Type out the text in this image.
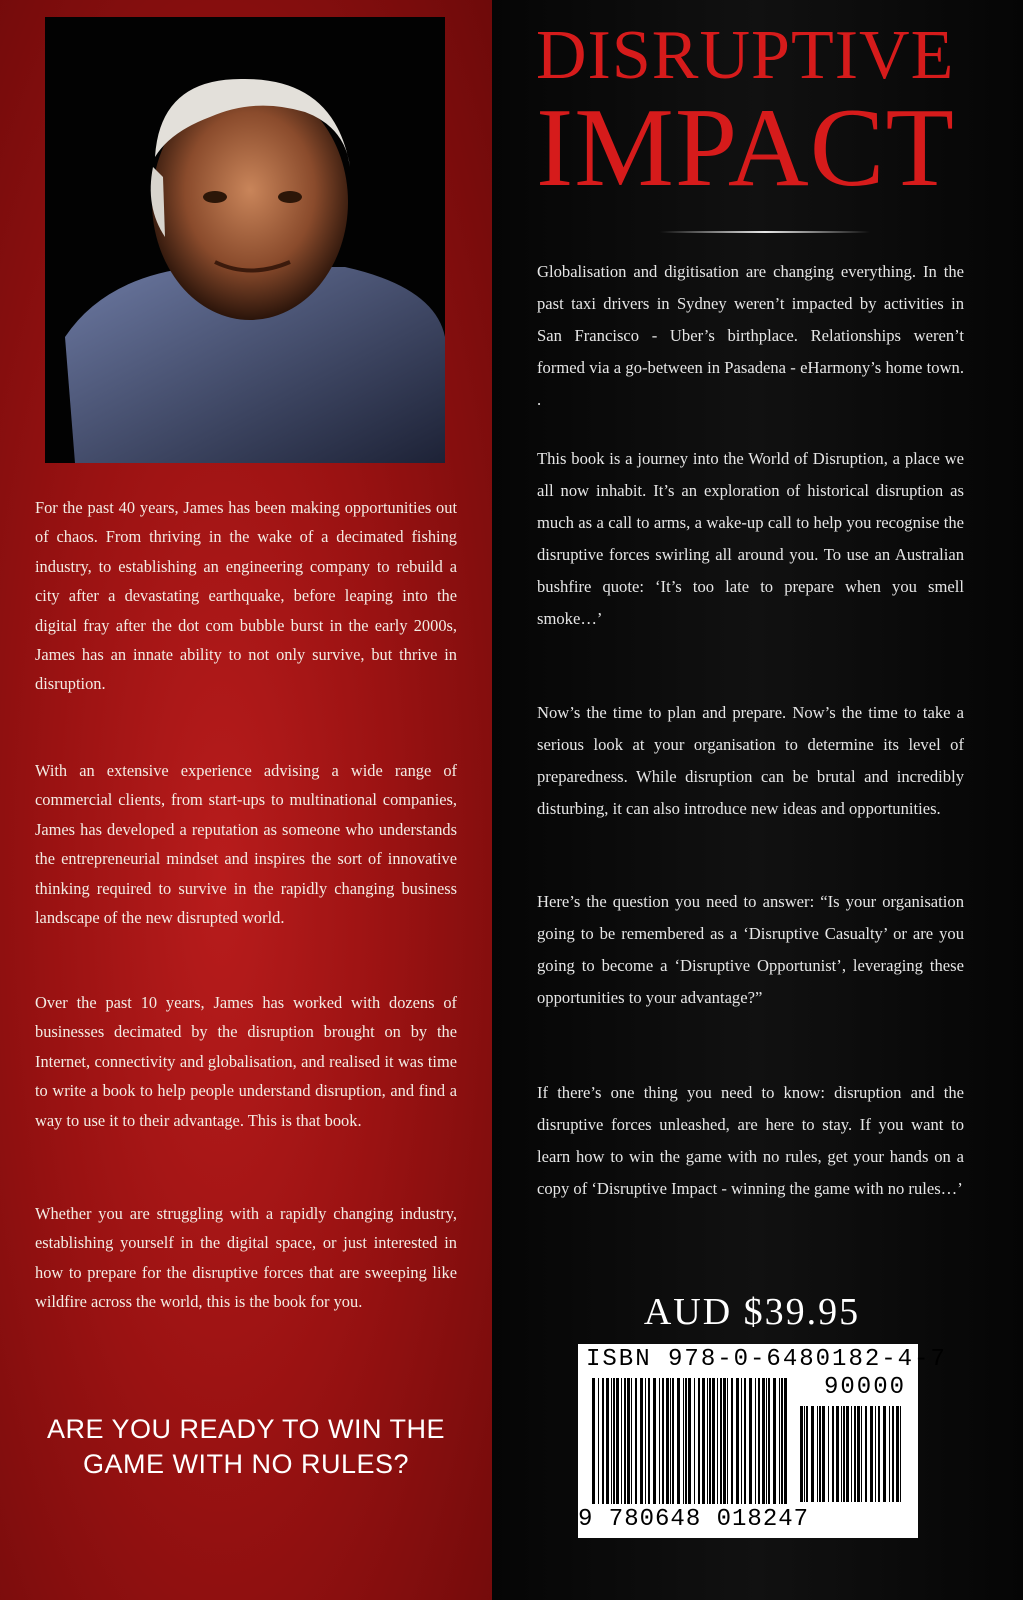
For the past 40 years, James has been making opportunities out of chaos. From thriving in the wake of a decimated fishing industry, to establishing an engineering company to rebuild a city after a devastating earthquake, before leaping into the digital fray after the dot com bubble burst in the early 2000s, James has an innate ability to not only survive, but thrive in disruption.

With an extensive experience advising a wide range of commercial clients, from start-ups to multinational companies, James has developed a reputation as someone who understands the entrepreneurial mindset and inspires the sort of innovative thinking required to survive in the rapidly changing business landscape of the new disrupted world.

Over the past 10 years, James has worked with dozens of businesses decimated by the disruption brought on by the Internet, connectivity and globalisation, and realised it was time to write a book to help people understand disruption, and find a way to use it to their advantage. This is that book.

Whether you are struggling with a rapidly changing industry, establishing yourself in the digital space, or just interested in how to prepare for the disruptive forces that are sweeping like wildfire across the world, this is the book for you.

ARE YOU READY TO WIN THE
GAME WITH NO RULES?
DISRUPTIVE
IMPACT

Globalisation and digitisation are changing everything. In the past taxi drivers in Sydney weren’t impacted by activities in San Francisco - Uber’s birthplace. Relationships weren’t formed via a go-between in Pasadena - eHarmony’s home town. .

This book is a journey into the World of Disruption, a place we all now inhabit. It’s an exploration of historical disruption as much as a call to arms, a wake-up call to help you recognise the disruptive forces swirling all around you. To use an Australian bushfire quote: ‘It’s too late to prepare when you smell smoke…’

Now’s the time to plan and prepare. Now’s the time to take a serious look at your organisation to determine its level of preparedness. While disruption can be brutal and incredibly disturbing, it can also introduce new ideas and opportunities.

Here’s the question you need to answer: “Is your organisation going to be remembered as a ‘Disruptive Casualty’ or are you going to become a ‘Disruptive Opportunist’, leveraging these opportunities to your advantage?”

If there’s one thing you need to know: disruption and the disruptive forces unleashed, are here to stay. If you want to learn how to win the game with no rules, get your hands on a copy of ‘Disruptive Impact - winning the game with no rules…’

AUD $39.95
ISBN 978-0-6480182-4-7
90000
9 780648 018247
